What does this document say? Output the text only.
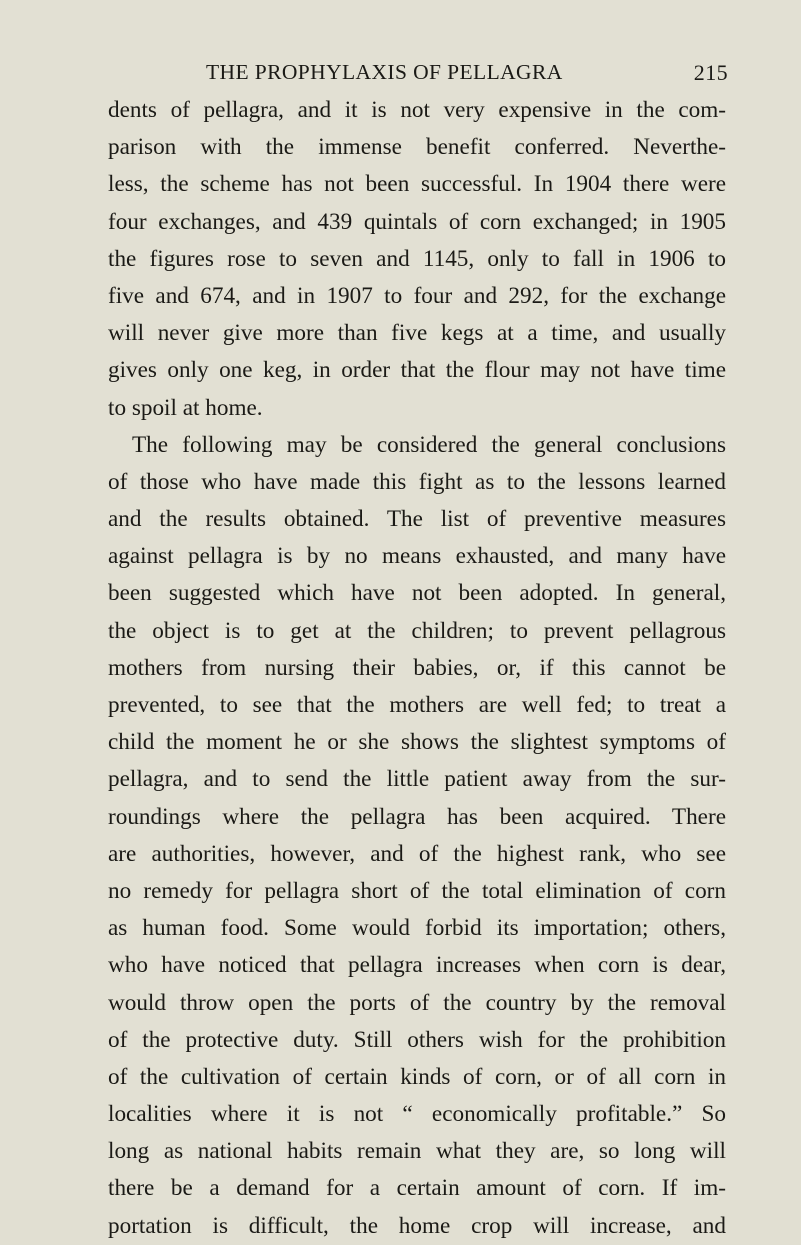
THE PROPHYLAXIS OF PELLAGRA	215
dents of pellagra, and it is not very expensive in the com-
parison with the immense benefit conferred. Neverthe-
less, the scheme has not been successful. In 1904 there were
four exchanges, and 439 quintals of corn exchanged; in 1905
the figures rose to seven and 1145, only to fall in 1906 to
five and 674, and in 1907 to four and 292, for the exchange
will never give more than five kegs at a time, and usually
gives only one keg, in order that the flour may not have time
to spoil at home.
The following may be considered the general conclusions
of those who have made this fight as to the lessons learned
and the results obtained. The list of preventive measures
against pellagra is by no means exhausted, and many have
been suggested which have not been adopted. In general,
the object is to get at the children; to prevent pellagrous
mothers from nursing their babies, or, if this cannot be
prevented, to see that the mothers are well fed; to treat a
child the moment he or she shows the slightest symptoms of
pellagra, and to send the little patient away from the sur-
roundings where the pellagra has been acquired. There
are authorities, however, and of the highest rank, who see
no remedy for pellagra short of the total elimination of corn
as human food. Some would forbid its importation; others,
who have noticed that pellagra increases when corn is dear,
would throw open the ports of the country by the removal
of the protective duty. Still others wish for the prohibition
of the cultivation of certain kinds of corn, or of all corn in
localities where it is not “ economically profitable.” So
long as national habits remain what they are, so long will
there be a demand for a certain amount of corn. If im-
portation is difficult, the home crop will increase, and
